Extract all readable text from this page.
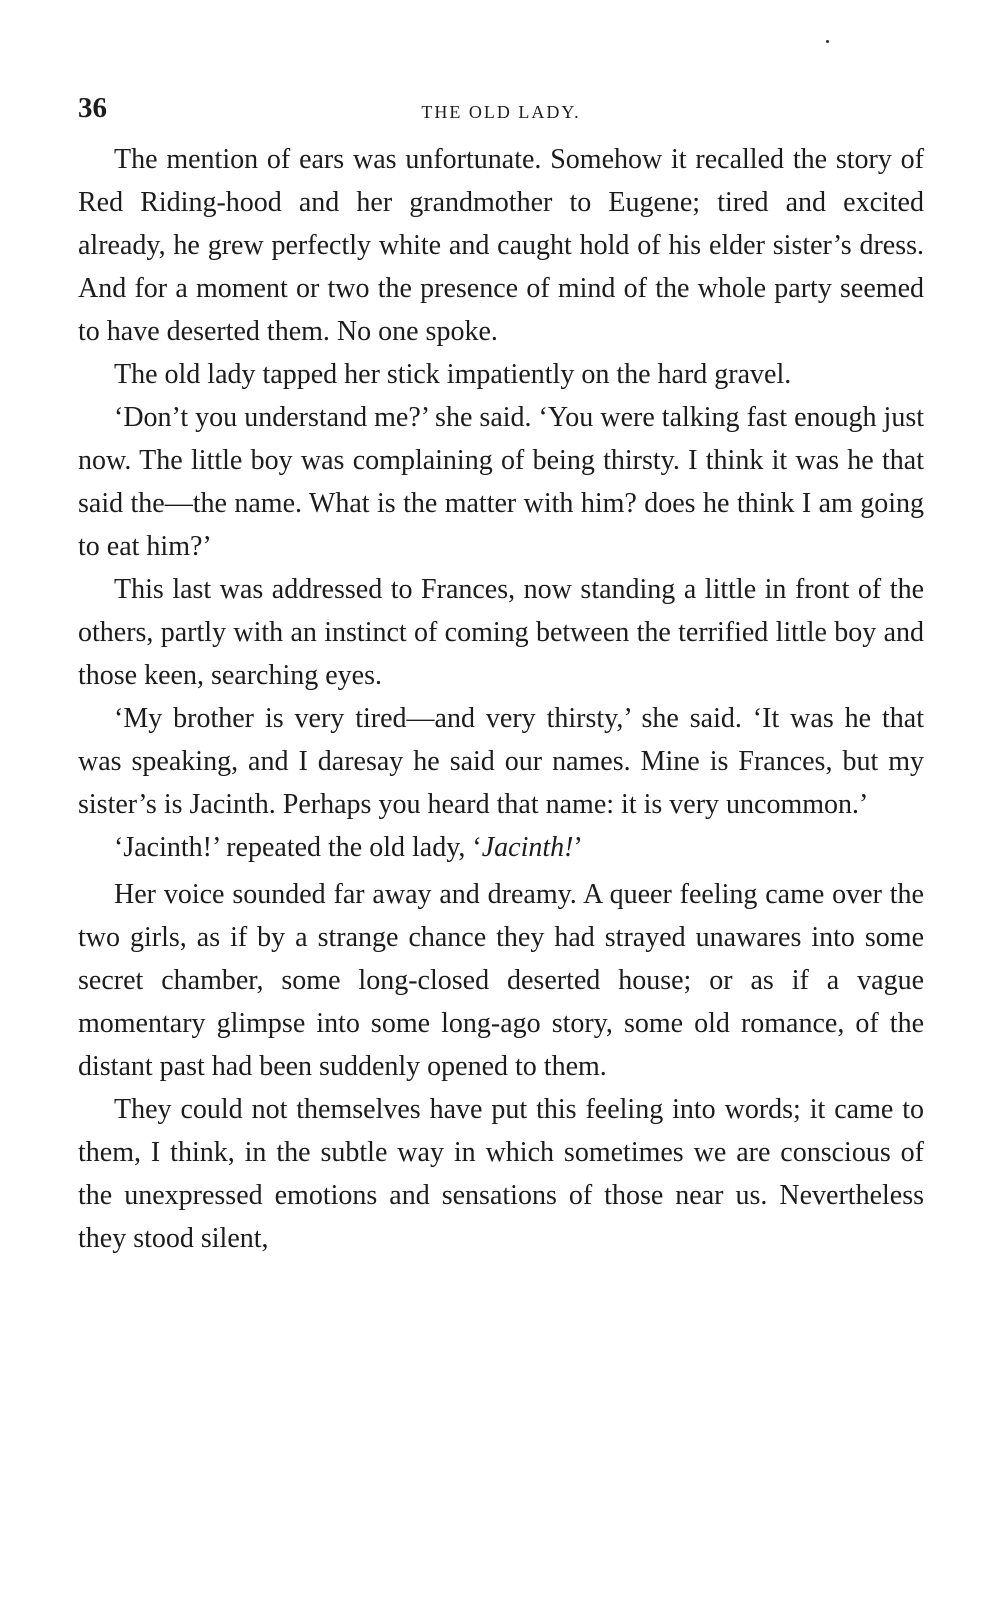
36	THE OLD LADY.

The mention of ears was unfortunate. Somehow it recalled the story of Red Riding-hood and her grandmother to Eugene; tired and excited already, he grew perfectly white and caught hold of his elder sister’s dress. And for a moment or two the presence of mind of the whole party seemed to have deserted them. No one spoke.

The old lady tapped her stick impatiently on the hard gravel.

‘Don’t you understand me?’ she said. ‘You were talking fast enough just now. The little boy was complaining of being thirsty. I think it was he that said the—the name. What is the matter with him? does he think I am going to eat him?’

This last was addressed to Frances, now standing a little in front of the others, partly with an instinct of coming between the terrified little boy and those keen, searching eyes.

‘My brother is very tired—and very thirsty,’ she said. ‘It was he that was speaking, and I daresay he said our names. Mine is Frances, but my sister’s is Jacinth. Perhaps you heard that name: it is very uncommon.’

‘Jacinth!’ repeated the old lady, ‘Jacinth!’

Her voice sounded far away and dreamy. A queer feeling came over the two girls, as if by a strange chance they had strayed unawares into some secret chamber, some long-closed deserted house; or as if a vague momentary glimpse into some long-ago story, some old romance, of the distant past had been suddenly opened to them.

They could not themselves have put this feeling into words; it came to them, I think, in the subtle way in which sometimes we are conscious of the unexpressed emotions and sensations of those near us. Nevertheless they stood silent,
